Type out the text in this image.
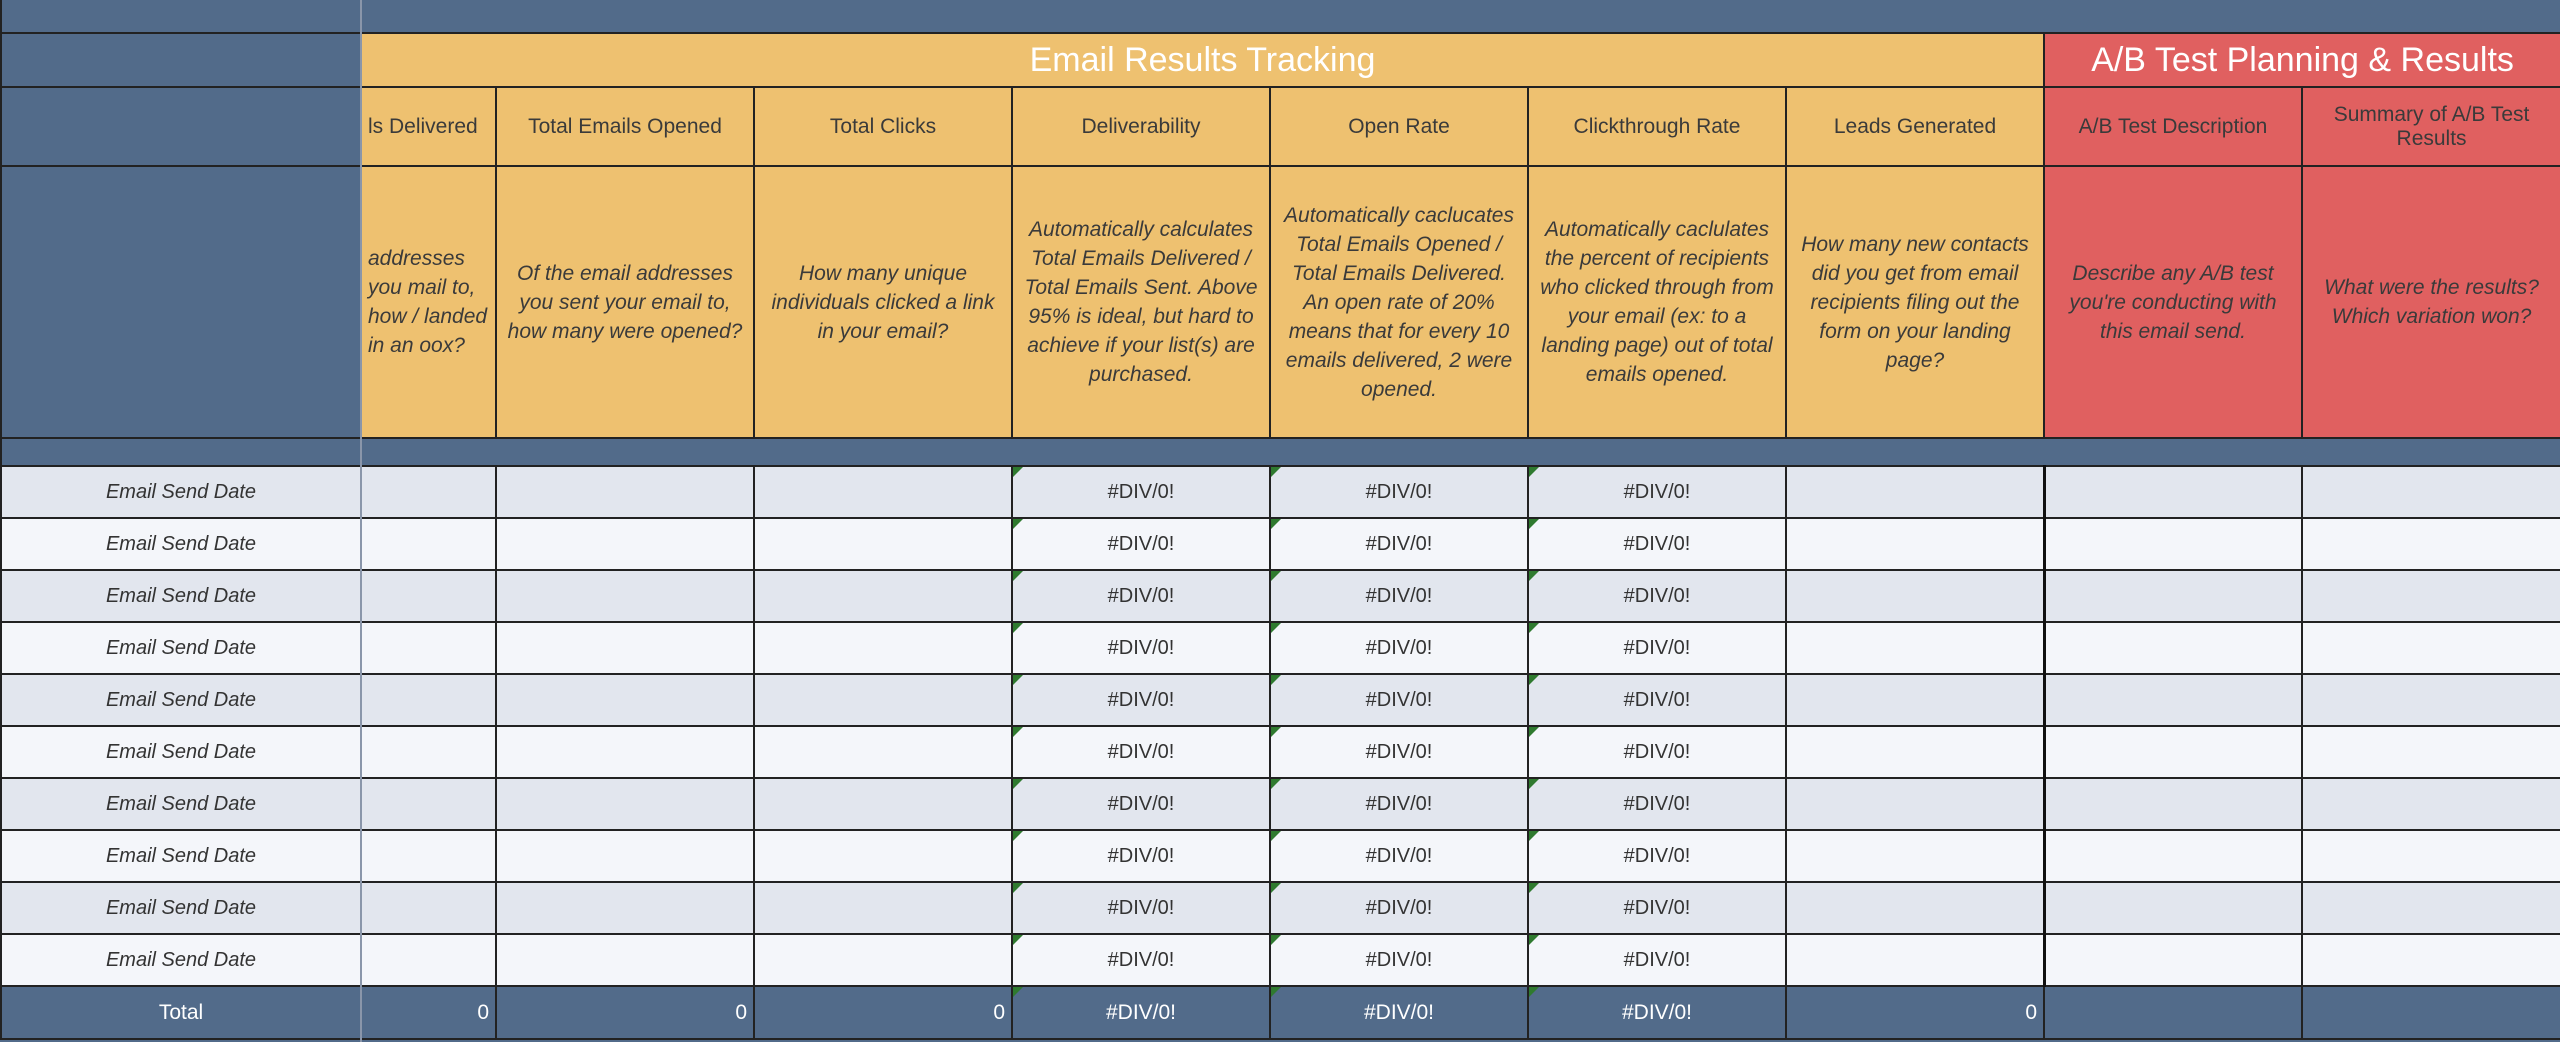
	Email Results Tracking							A/B Test Planning & Results	
	ls Delivered	Total Emails Opened	Total Clicks	Deliverability	Open Rate	Clickthrough Rate	Leads Generated	A/B Test Description	Summary of A/B Test Results
	addresses you mail to, how / landed in an oox?	Of the email addresses you sent your email to, how many were opened?	How many unique individuals clicked a link in your email?	Automatically calculates Total Emails Delivered / Total Emails Sent. Above 95% is ideal, but hard to achieve if your list(s) are purchased.	Automatically caclucates Total Emails Opened / Total Emails Delivered. An open rate of 20% means that for every 10 emails delivered, 2 were opened.	Automatically caclulates the percent of recipients who clicked through from your email (ex: to a landing page) out of total emails opened.	How many new contacts did you get from email recipients filing out the form on your landing page?	Describe any A/B test you're conducting with this email send.	What were the results? Which variation won?

Email Send Date				#DIV/0!	#DIV/0!	#DIV/0!			
Email Send Date				#DIV/0!	#DIV/0!	#DIV/0!			
Email Send Date				#DIV/0!	#DIV/0!	#DIV/0!			
Email Send Date				#DIV/0!	#DIV/0!	#DIV/0!			
Email Send Date				#DIV/0!	#DIV/0!	#DIV/0!			
Email Send Date				#DIV/0!	#DIV/0!	#DIV/0!			
Email Send Date				#DIV/0!	#DIV/0!	#DIV/0!			
Email Send Date				#DIV/0!	#DIV/0!	#DIV/0!			
Email Send Date				#DIV/0!	#DIV/0!	#DIV/0!			
Email Send Date				#DIV/0!	#DIV/0!	#DIV/0!			
Total	0	0	0	#DIV/0!	#DIV/0!	#DIV/0!	0		
